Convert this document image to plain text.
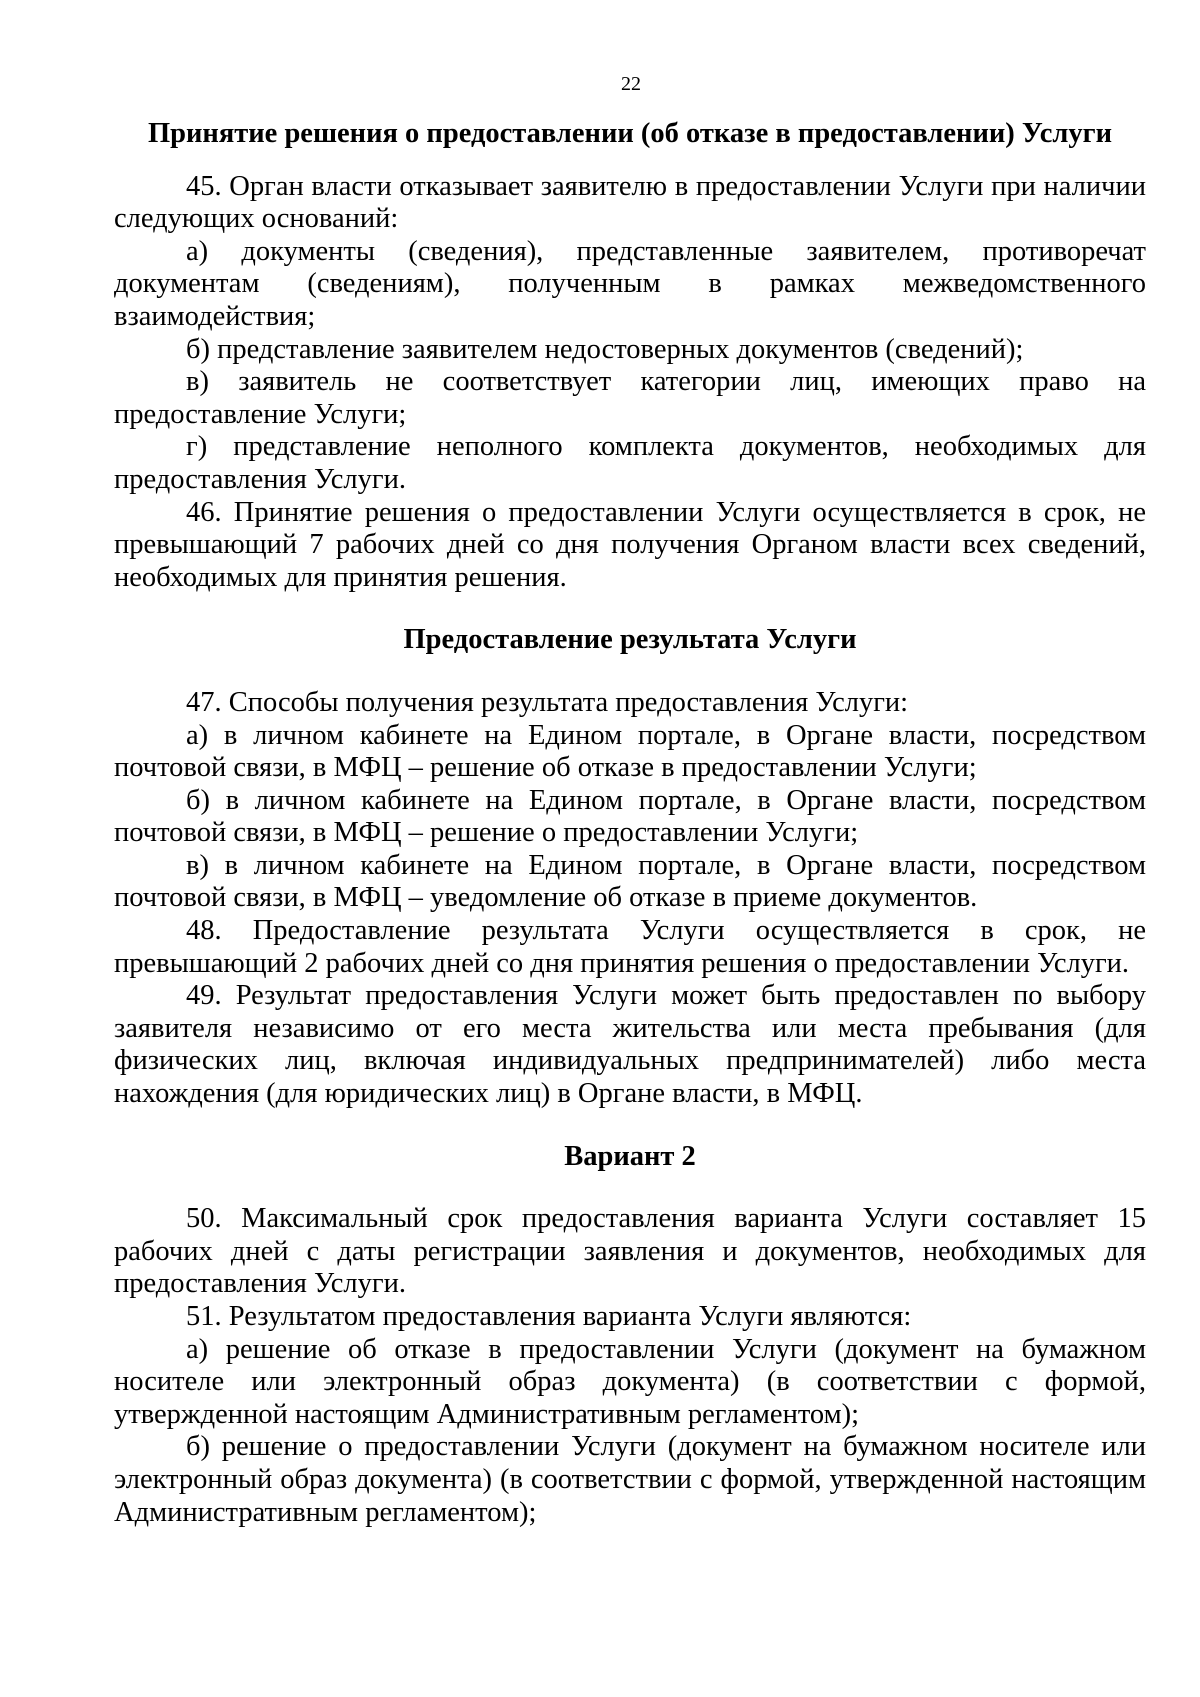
22

Принятие решения о предоставлении (об отказе в предоставлении) Услуги

45. Орган власти отказывает заявителю в предоставлении Услуги при наличии следующих оснований:

а) документы (сведения), представленные заявителем, противоречат документам (сведениям), полученным в рамках межведомственного взаимодействия;

б) представление заявителем недостоверных документов (сведений);

в) заявитель не соответствует категории лиц, имеющих право на предоставление Услуги;

г) представление неполного комплекта документов, необходимых для предоставления Услуги.

46. Принятие решения о предоставлении Услуги осуществляется в срок, не превышающий 7 рабочих дней со дня получения Органом власти всех сведений, необходимых для принятия решения.

Предоставление результата Услуги

47. Способы получения результата предоставления Услуги:

а) в личном кабинете на Едином портале, в Органе власти, посредством почтовой связи, в МФЦ – решение об отказе в предоставлении Услуги;

б) в личном кабинете на Едином портале, в Органе власти, посредством почтовой связи, в МФЦ – решение о предоставлении Услуги;

в) в личном кабинете на Едином портале, в Органе власти, посредством почтовой связи, в МФЦ – уведомление об отказе в приеме документов.

48. Предоставление результата Услуги осуществляется в срок, не превышающий 2 рабочих дней со дня принятия решения о предоставлении Услуги.

49. Результат предоставления Услуги может быть предоставлен по выбору заявителя независимо от его места жительства или места пребывания (для физических лиц, включая индивидуальных предпринимателей) либо места нахождения (для юридических лиц) в Органе власти, в МФЦ.

Вариант 2

50. Максимальный срок предоставления варианта Услуги составляет 15 рабочих дней с даты регистрации заявления и документов, необходимых для предоставления Услуги.

51. Результатом предоставления варианта Услуги являются:

а) решение об отказе в предоставлении Услуги (документ на бумажном носителе или электронный образ документа) (в соответствии с формой, утвержденной настоящим Административным регламентом);

б) решение о предоставлении Услуги (документ на бумажном носителе или электронный образ документа) (в соответствии с формой, утвержденной настоящим Административным регламентом);
